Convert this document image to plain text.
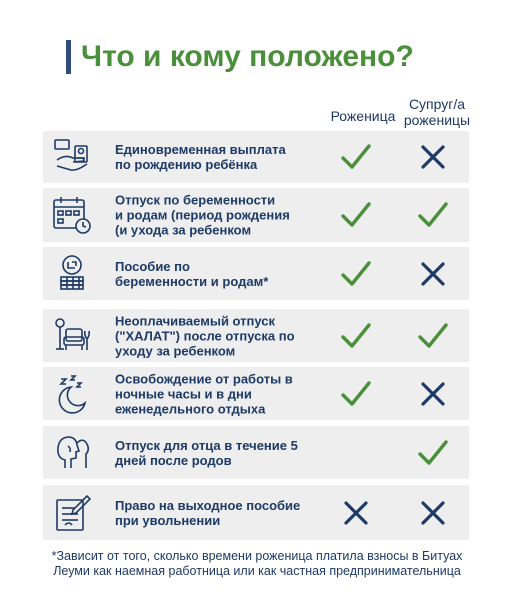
Что и кому положено?
Роженица
Супруг/а
роженицы
Единовременная выплата
по рождению ребёнка
Отпуск по беременности
и родам (период рождения
(и ухода за ребенком
Пособие по
беременности и родам*
Неоплачиваемый отпуск
("ХАЛАТ") после отпуска по
уходу за ребенком
Освобождение от работы в
ночные часы и в дни
еженедельного отдыха
Отпуск для отца в течение 5
дней после родов
Право на выходное пособие
при увольнении
*Зависит от того, сколько времени роженица платила взносы в Битуах
Леуми как наемная работница или как частная предпринимательница
